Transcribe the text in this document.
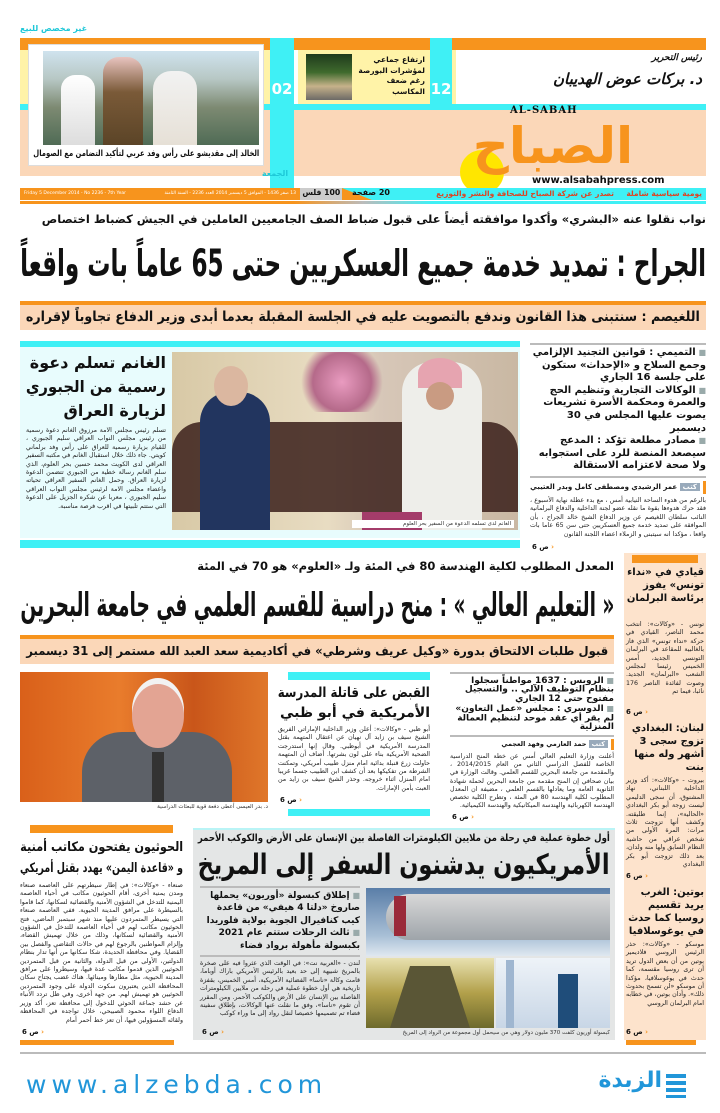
غير مخصص للبيع
الخالد إلى مقديشو على رأس وفد عربي لتأكيد التضامن مع الصومال
02
ارتفاع جماعي لمؤشرات البورصة رغم ضعف المكاسب 12
رئيس التحرير
د. بركات عوض الهديبان
AL-SABAH
الصباح
الجمعة
www.alsabahpress.com
يومية سياسية شاملة
تصدر عن شركة الصباح للصحافة والنشر والتوزيع
20 صفحة
100 فلس
13 صفر 1436 - الموافق 5 ديسمبر 2014 العدد 2236 - السنة الثامنة
Friday 5 December 2014 - No 2236 - 7th Year
نواب نقلوا عنه «البشري» وأكدوا موافقته أيضاً على قبول ضباط الصف الجامعيين العاملين في الجيش كضباط اختصاص
الجراح : تمديد خدمة جميع العسكريين حتى 65 عاماً بات واقعاً
اللغيصم : سنتبنى هذا القانون وندفع بالتصويت عليه في الجلسة المقبلة بعدما أبدى وزير الدفاع تجاوباً لإقراره
الغانم تسلم دعوة
رسمية من الجبوري
لزيارة العراق
تسلم رئيس مجلس الامة مرزوق الغانم دعوة رسمية من رئيس مجلس النواب العراقي سليم الجبوري ، للقيام بزيارة رسمية للعراق على رأس وفد برلماني كويتي. جاء ذلك خلال استقبال الغانم في مكتبه السفير العراقي لدى الكويت محمد حسين بحر العلوم، الذي سلم الغانم رسالة خطية من الجبوري تتضمن الدعوة لزيارة العراق. وحمل الغانم السفير العراقي تحياته واعضاء مجلس الامة لرئيس مجلس النواب العراقي سليم الجبوري ، معربا عن شكره الجزيل على الدعوة التي ستتم تلبيتها في اقرب فرصة مناسبة.
الغانم لدى تسلمه الدعوة من السفير بحر العلوم

■ التميمي : قوانين التجنيد الإلزامي وجمع السلاح و «الإحداث» ستكون على جلسة 16 الجاري

■ الوكالات التجارية وتنظيم الحج والعمرة ومحكمة الأسرة تشريعات يصوت عليها المجلس في 30 ديسمبر

■ مصادر مطلعة تؤكد : المدعج سيصعد المنصة للرد على استجوابه ولا صحة لاعتزامه الاستقالة

كتب عمر الرشيدي ومصطفى كامل وبدر العتيبي
بالرغم من هدوء الساحة النيابية أمس ، مع بدء عطلة نهاية الأسبوع ، فقد حرك هدوءها بقوة ما نقله عضو لجنة الداخلية والدفاع البرلمانية النائب سلطان اللغيصم عن وزير الدفاع الشيخ خالد الجراح ، بأن الموافقة على تمديد خدمة جميع العسكريين حتى سن 65 عاما بات واقعا ، مؤكدا انه سيتبنى و الزملاء اعضاء اللجنة القانون
‹ ص 6
المعدل المطلوب لكلية الهندسة 80 في المئة ولـ «العلوم» هو 70 في المئة
« التعليم العالي » : منح دراسية للقسم العلمي في جامعة البحرين
قبول طلبات الالتحاق بدورة «وكيل عريف وشرطي» في أكاديمية سعد العبد الله مستمر إلى 31 ديسمبر
د. بدر العيسى أعطى دفعة قوية للبعثات الدراسية
القبض على قاتلة المدرسة
الأمريكية في أبو ظبي
أبو ظبي - «وكالات»: أعلن وزير الداخلية الإماراتي الفريق الشيخ سيف بن زايد آل نهيان عن اعتقال المتهمة بقتل المدرسة الأمريكية في أبوظبي. وقال إنها استدرجت الضحية الأمريكية بناء على لون بشرتها. أضاف أن المتهمة حاولت زرع قنبلة بدائية امام منزل طبيب أمريكي، وتمكنت الشرطة من تفكيكها بعد أن كشف ابن الطبيب جسما غريبا امام المنزل اثناء خروجه. وحذر الشيخ سيف بن زايد من العبث بأمن الإمارات.
‹ ص 6

■ الرويس : 1637 مواطناً سجلوا بنظام التوظيف الآلي .. والتسجيل مفتوح حتى 12 الجاري

■ الدوسري : مجلس «عمل التعاون» لم يقر أي عقد موحد لتنظيم العمالة المنزلية

كتب حمد العازمي وفهد العجمي
أعلنت وزارة التعليم العالي أمس عن خطة المنح الدراسية الخاصة للفصل الدراسي الثاني من العام 2014/2015 ، والمقدمة من جامعة البحرين للقسم العلمي. وقالت الوزارة في بيان صحافي إن المنح مقدمة من جامعة البحرين لحملة شهادة الثانوية العامة وما يعادلها بالقسم العلمي ، مضيفة ان المعدل المطلوب لكلية الهندسة 80 في المئة ، وتطرح الكلية تخصص الهندسة الكهربائية والهندسة الميكانيكية والهندسة الكيميائية.
‹ ص 6
قيادي في «نداء تونس» يفوز برئاسة البرلمان
تونس - «وكالات»: انتخب محمد الناصر، القيادي في حركة «نداء تونس» الذي فاز بالغالبية للمقاعد في البرلمان التونسي الجديد، أمس الخميس رئيسا لمجلس الشعب «البرلمان» الجديد. وصوت لفائدة الناصر 176 نائبا، فيما تم
‹ ص 6
لبنان: البغدادي تزوج سجى 3 أشهر وله منها بنت
بيروت - «وكالات»: أكد وزير الداخلية اللبناني، نهاد المشنوق، أن سجى الدليمي ليست زوجة أبو بكر البغدادي «الحالية»، إنما طليقته. وكشف أنها تزوجت ثلاث مرات: المرة الأولى من شخص عراقي من حاشية النظام السابق ولها منه ولدان، بعد ذلك تزوجت أبو بكر البغدادي
‹ ص 6
بوتين: الغرب يريد تقسيم روسيا كما حدث في يوغوسلافيا
موسكو - «وكالات»: حذر الرئيس الروسي فلاديمير بوتين من أن بعض الدول تريد أن ترى روسيا مقسمة، كما حدث في يوغوسلافيا، مؤكدا أن موسكو «لن تسمح بحدوث ذلك». وأدان بوتين، في خطابه امام البرلمان الروسي
‹ ص 6
الحوثيون يفتحون مكاتب أمنية
و «قاعدة اليمن» يهدد بقتل أمريكي
صنعاء - «وكالات»: في إطار سيطرتهم على العاصمة صنعاء ومدن يمنية أخرى، أقام الحوثيون مكاتب في أحياء العاصمة اليمنية للتدخل في الشؤون الأمنية والقضائية لسكانها، كما قاموا بالسيطرة على مرافق المدينة الحيوية. ففي العاصمة صنعاء التي يسيطر المتمردون عليها منذ شهر سبتمبر الماضي، فتح الحوثيون مكاتب لهم في أحياء العاصمة للتدخل في الشؤون الأمنية والقضائية لسكانها، وذلك من خلال تهميش القضاء، وإلزام المواطنين بالرجوع لهم في حالات التقاضي والفصل بين القضايا. وفي محافظة الحديدة، شكا سكانها من أنها تدار بنظام الدولتين، الأولى من قبل الدولة، والثانية من قبل المتمردين الحوثيين الذين قدموا مكاتب عدة فيها، وسيطروا على مرافق المدينة الحيوية، مثل مطارها ومينائها. هناك غضب يجتاح سكان المحافظة الذين يعتبرون سكوت الدولة على وجود المتمردين الحوثيين هو تهميش لهم. من جهة أخرى، وفي ظل تردد الأنباء عن حشد جماعة الحوثي للدخول إلى محافظة تعز، أكد وزير الدفاع اللواء محمود الصبيحي، خلال تواجده في المحافظة ولقائه المسؤولين فيها، أن تعز خط أحمر أمام
‹ ص 6
أول خطوة عملية في رحلة من ملايين الكيلومترات الفاصلة بين الإنسان على الأرض والكوكب الأحمر
الأمريكيون يدشنون السفر إلى المريخ

■ إطلاق كبسولة «أوريون» يحملها صاروخ «دلتا 4 هيفي» من قاعدة كيب كنافيرال الجوية بولاية فلوريدا

■ ثالث الرحلات ستتم عام 2021 بكبسولة مأهولة برواد فضاء

لندن - «العربية نت»: في الوقت الذي عثروا فيه على صخرة بالمريخ شبيهة إلى حد بعيد بالرئيس الأمريكي باراك أوباما، قامت وكالة «ناسا» الفضائية الأمريكية، أمس الخميس، بقفزة تاريخية هي أول خطوة عملية في رحلة من ملايين الكيلومترات الفاصلة بين الإنسان على الأرض والكوكب الأحمر. ومن المقرر أن تقوم «ناسا»، وفق ما نقلت عنها الوكالات، بإطلاق سفينة فضاء تم تصميمها خصيصا لنقل رواد إلى ما وراء كوكب
‹ ص 6	كبسولة أوريون كلفت 370 مليون دولار وهي من سيحمل أول مجموعة من الرواد إلى المريخ
www.alzebda.com	الزبدة
